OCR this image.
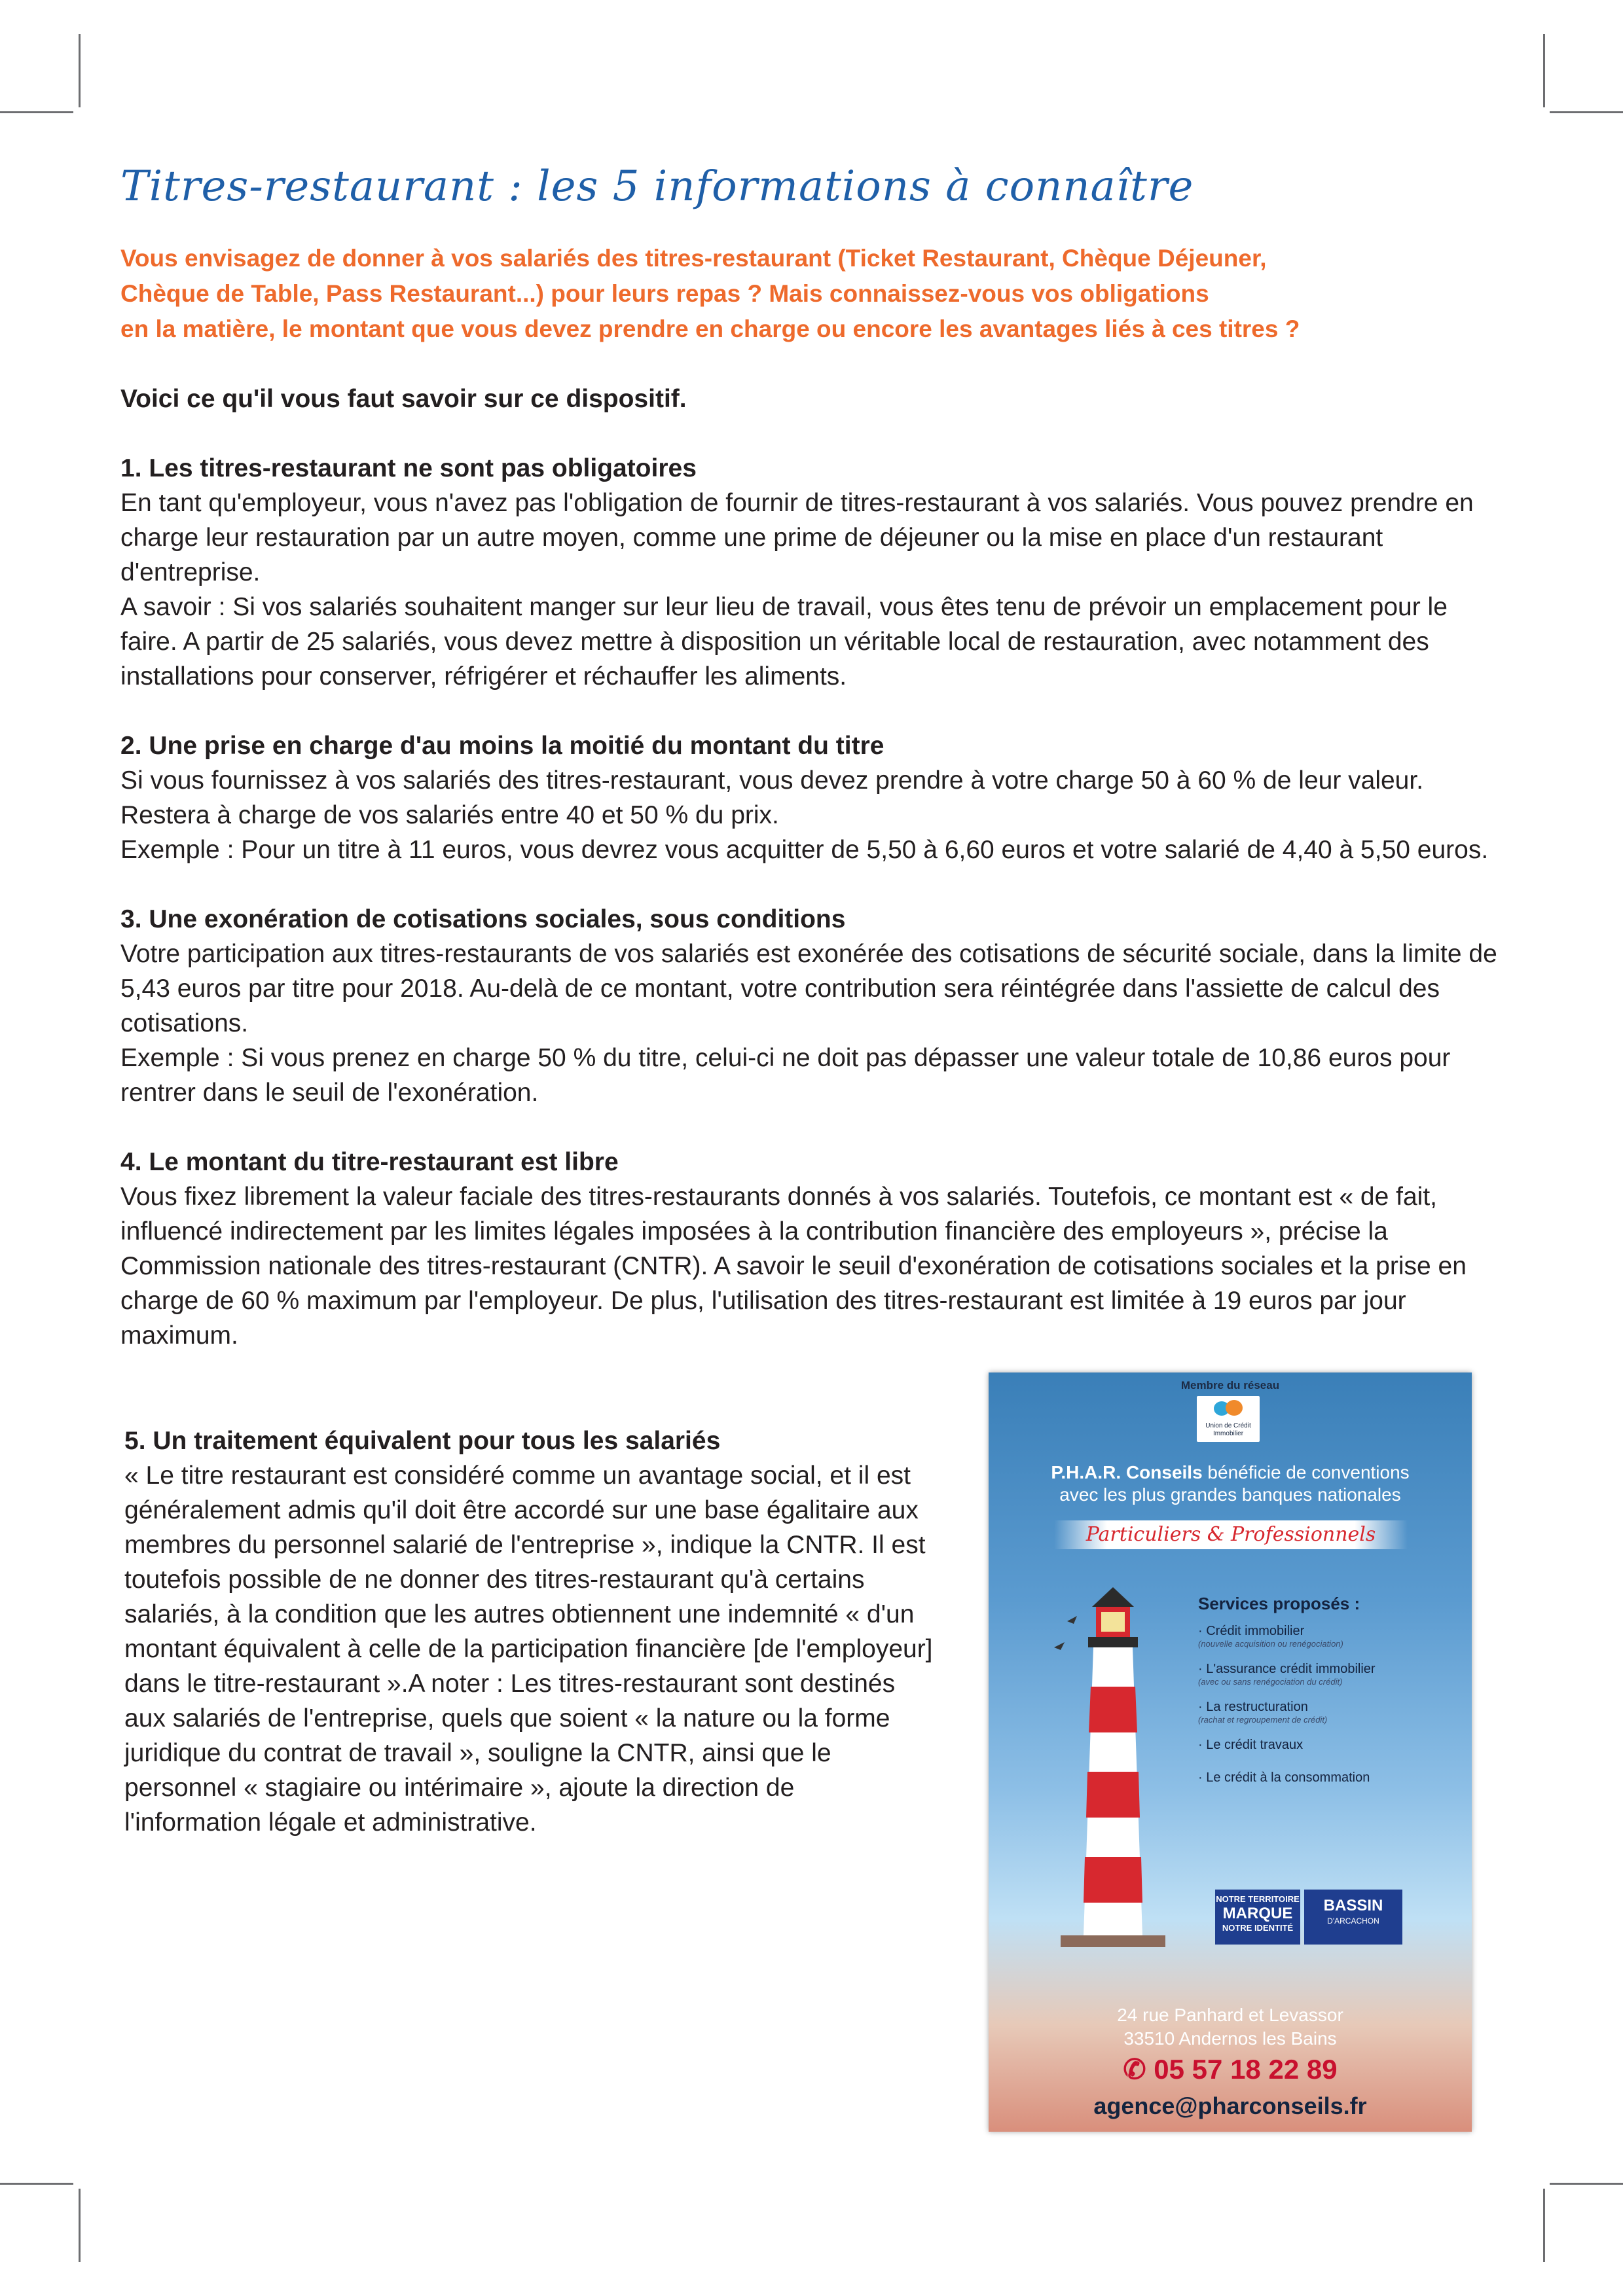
Titres-restaurant : les 5 informations à connaître
Vous envisagez de donner à vos salariés des titres-restaurant (Ticket Restaurant, Chèque Déjeuner,
Chèque de Table, Pass Restaurant...) pour leurs repas ? Mais connaissez-vous vos obligations
en la matière, le montant que vous devez prendre en charge ou encore les avantages liés à ces titres ?
Voici ce qu'il vous faut savoir sur ce dispositif.
1. Les titres-restaurant ne sont pas obligatoires

En tant qu'employeur, vous n'avez pas l'obligation de fournir de titres-restaurant à vos salariés. Vous pouvez prendre en charge leur restauration par un autre moyen, comme une prime de déjeuner ou la mise en place d'un restaurant d'entreprise.

A savoir : Si vos salariés souhaitent manger sur leur lieu de travail, vous êtes tenu de prévoir un emplacement pour le faire. A partir de 25 salariés, vous devez mettre à disposition un véritable local de restauration, avec notamment des installations pour conserver, réfrigérer et réchauffer les aliments.

2. Une prise en charge d'au moins la moitié du montant du titre

Si vous fournissez à vos salariés des titres-restaurant, vous devez prendre à votre charge 50 à 60 % de leur valeur. Restera à charge de vos salariés entre 40 et 50 % du prix.

Exemple : Pour un titre à 11 euros, vous devrez vous acquitter de 5,50 à 6,60 euros et votre salarié de 4,40 à 5,50 euros.

3. Une exonération de cotisations sociales, sous conditions

Votre participation aux titres-restaurants de vos salariés est exonérée des cotisations de sécurité sociale, dans la limite de 5,43 euros par titre pour 2018. Au-delà de ce montant, votre contribution sera réintégrée dans l'assiette de calcul des cotisations.

Exemple : Si vous prenez en charge 50 % du titre, celui-ci ne doit pas dépasser une valeur totale de 10,86 euros pour rentrer dans le seuil de l'exonération.

4. Le montant du titre-restaurant est libre

Vous fixez librement la valeur faciale des titres-restaurants donnés à vos salariés. Toutefois, ce montant est « de fait, influencé indirectement par les limites légales imposées à la contribution financière des employeurs », précise la Commission nationale des titres-restaurant (CNTR). A savoir le seuil d'exonération de cotisations sociales et la prise en charge de 60 % maximum par l'employeur. De plus, l'utilisation des titres-restaurant est limitée à 19 euros par jour maximum.

5. Un traitement équivalent pour tous les salariés

« Le titre restaurant est considéré comme un avantage social, et il est généralement admis qu'il doit être accordé sur une base égalitaire aux membres du personnel salarié de l'entreprise », indique la CNTR. Il est toutefois possible de ne donner des titres-restaurant qu'à certains salariés, à la condition que les autres obtiennent une indemnité « d'un montant équivalent à celle de la participation financière [de l'employeur] dans le titre-restaurant ».A noter : Les titres-restaurant sont destinés aux salariés de l'entreprise, quels que soient « la nature ou la forme juridique du contrat de travail », souligne la CNTR, ainsi que le personnel « stagiaire ou intérimaire », ajoute la direction de l'information légale et administrative.

Membre du réseau
Union de Crédit Immobilier
P.H.A.R. Conseils bénéficie de conventions
avec les plus grandes banques nationales
Particuliers & Professionnels
Services proposés :
· Crédit immobilier
(nouvelle acquisition ou renégociation)
· L'assurance crédit immobilier
(avec ou sans renégociation du crédit)
· La restructuration
(rachat et regroupement de crédit)
· Le crédit travaux
· Le crédit à la consommation
NOTRE TERRITOIRE
MARQUE
NOTRE IDENTITÉ
BASSIN
D'ARCACHON
24 rue Panhard et Levassor
33510 Andernos les Bains
✆ 05 57 18 22 89
agence@pharconseils.fr
